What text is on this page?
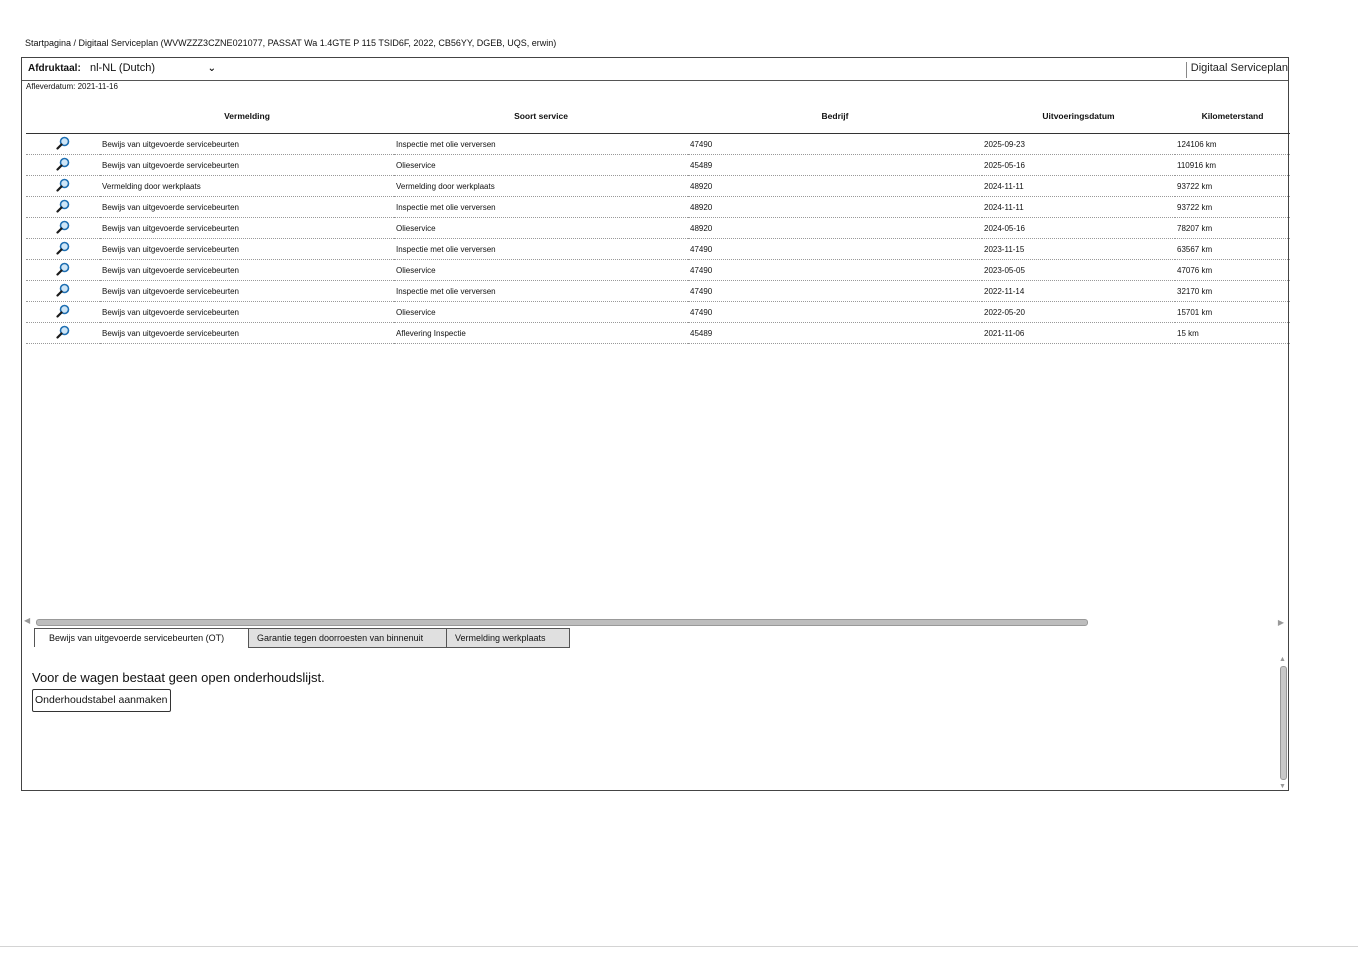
Startpagina / Digitaal Serviceplan (WVWZZZ3CZNE021077, PASSAT Wa 1.4GTE P 115 TSID6F, 2022, CB56YY, DGEB, UQS, erwin)
Afdruktaal: nl-NL (Dutch)	⌄	Digitaal Serviceplan
Afleverdatum: 2021-11-16
	Vermelding	Soort service	Bedrijf	Uitvoeringsdatum	Kilometerstand
	Bewijs van uitgevoerde servicebeurten	Inspectie met olie verversen	47490	2025-09-23	124106 km
	Bewijs van uitgevoerde servicebeurten	Olieservice	45489	2025-05-16	110916 km
	Vermelding door werkplaats	Vermelding door werkplaats	48920	2024-11-11	93722 km
	Bewijs van uitgevoerde servicebeurten	Inspectie met olie verversen	48920	2024-11-11	93722 km
	Bewijs van uitgevoerde servicebeurten	Olieservice	48920	2024-05-16	78207 km
	Bewijs van uitgevoerde servicebeurten	Inspectie met olie verversen	47490	2023-11-15	63567 km
	Bewijs van uitgevoerde servicebeurten	Olieservice	47490	2023-05-05	47076 km
	Bewijs van uitgevoerde servicebeurten	Inspectie met olie verversen	47490	2022-11-14	32170 km
	Bewijs van uitgevoerde servicebeurten	Olieservice	47490	2022-05-20	15701 km
	Bewijs van uitgevoerde servicebeurten	Aflevering Inspectie	45489	2021-11-06	15 km
◀	▶
Bewijs van uitgevoerde servicebeurten (OT)	Garantie tegen doorroesten van binnenuit	Vermelding werkplaats
Voor de wagen bestaat geen open onderhoudslijst.
Onderhoudstabel aanmaken
▲
▼
